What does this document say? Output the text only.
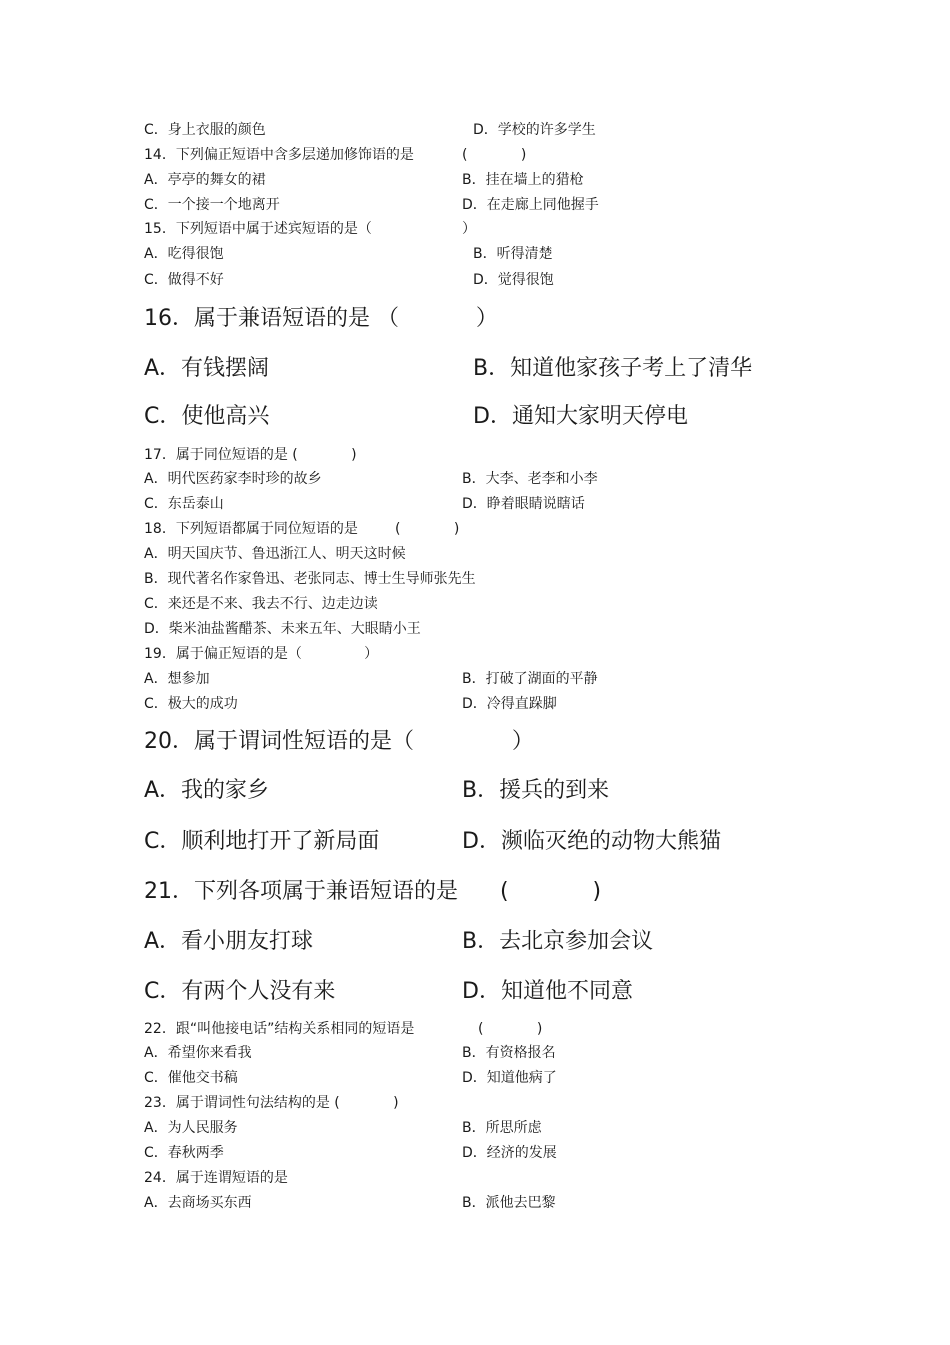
C．身上衣服的颜色	D．学校的许多学生
14．下列偏正短语中含多层递加修饰语的是	(            )
A．亭亭的舞女的裙	B．挂在墙上的猎枪
C．一个接一个地离开	D．在走廊上同他握手
15．下列短语中属于述宾短语的是（	）
A．吃得很饱	B．听得清楚
C．做得不好	D．觉得很饱
16．属于兼语短语的是 （           ）
A．有钱摆阔	B．知道他家孩子考上了清华
C．使他高兴	D．通知大家明天停电
17．属于同位短语的是 (            )
A．明代医药家李时珍的故乡	B．大李、老李和小李
C．东岳泰山	D．睁着眼睛说瞎话
18．下列短语都属于同位短语的是	(            )
A．明天国庆节、鲁迅浙江人、明天这时候
B．现代著名作家鲁迅、老张同志、博士生导师张先生
C．来还是不来、我去不行、边走边读
D．柴米油盐酱醋茶、未来五年、大眼睛小王
19．属于偏正短语的是（              ）
A．想参加	B．打破了湖面的平静
C．极大的成功	D．冷得直跺脚
20．属于谓词性短语的是（              ）
A．我的家乡	B．援兵的到来
C．顺利地打开了新局面	D．濒临灭绝的动物大熊猫
21．下列各项属于兼语短语的是 (            )
A．看小朋友打球	B．去北京参加会议
C．有两个人没有来	D．知道他不同意
22．跟“叫他接电话”结构关系相同的短语是	(            )
A．希望你来看我	B．有资格报名
C．催他交书稿	D．知道他病了
23．属于谓词性句法结构的是 (            )
A．为人民服务	B．所思所虑
C．春秋两季	D．经济的发展
24．属于连谓短语的是
A．去商场买东西	B．派他去巴黎
